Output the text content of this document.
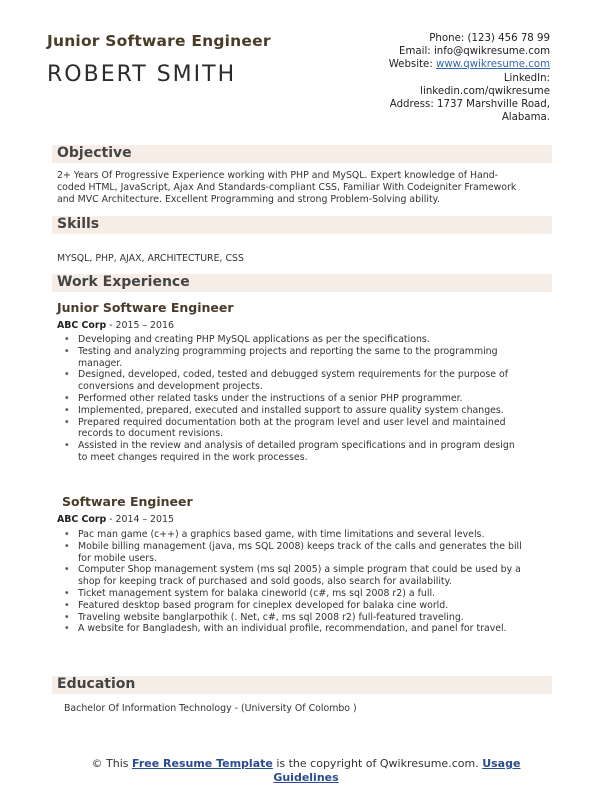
Junior Software Engineer
ROBERT SMITH
Phone: (123) 456 78 99
Email: info@qwikresume.com
Website: www.qwikresume.com
LinkedIn:
linkedin.com/qwikresume
Address: 1737 Marshville Road,
Alabama.
Objective
2+ Years Of Progressive Experience working with PHP and MySQL. Expert knowledge of Hand-
coded HTML, JavaScript, Ajax And Standards-compliant CSS, Familiar With Codeigniter Framework
and MVC Architecture. Excellent Programming and strong Problem-Solving ability.
Skills
MYSQL, PHP, AJAX, ARCHITECTURE, CSS
Work Experience
Junior Software Engineer
ABC Corp - 2015 – 2016
• Developing and creating PHP MySQL applications as per the specifications.
• Testing and analyzing programming projects and reporting the same to the programming
manager.
• Designed, developed, coded, tested and debugged system requirements for the purpose of
conversions and development projects.
• Performed other related tasks under the instructions of a senior PHP programmer.
• Implemented, prepared, executed and installed support to assure quality system changes.
• Prepared required documentation both at the program level and user level and maintained
records to document revisions.
• Assisted in the review and analysis of detailed program specifications and in program design
to meet changes required in the work processes.
Software Engineer
ABC Corp - 2014 – 2015
• Pac man game (c++) a graphics based game, with time limitations and several levels.
• Mobile billing management (java, ms SQL 2008) keeps track of the calls and generates the bill
for mobile users.
• Computer Shop management system (ms sql 2005) a simple program that could be used by a
shop for keeping track of purchased and sold goods, also search for availability.
• Ticket management system for balaka cineworld (c#, ms sql 2008 r2) a full.
• Featured desktop based program for cineplex developed for balaka cine world.
• Traveling website banglarpothik (. Net, c#, ms sql 2008 r2) full-featured traveling.
• A website for Bangladesh, with an individual profile, recommendation, and panel for travel.
Education
Bachelor Of Information Technology - (University Of Colombo )
© This Free Resume Template is the copyright of Qwikresume.com. Usage
Guidelines
